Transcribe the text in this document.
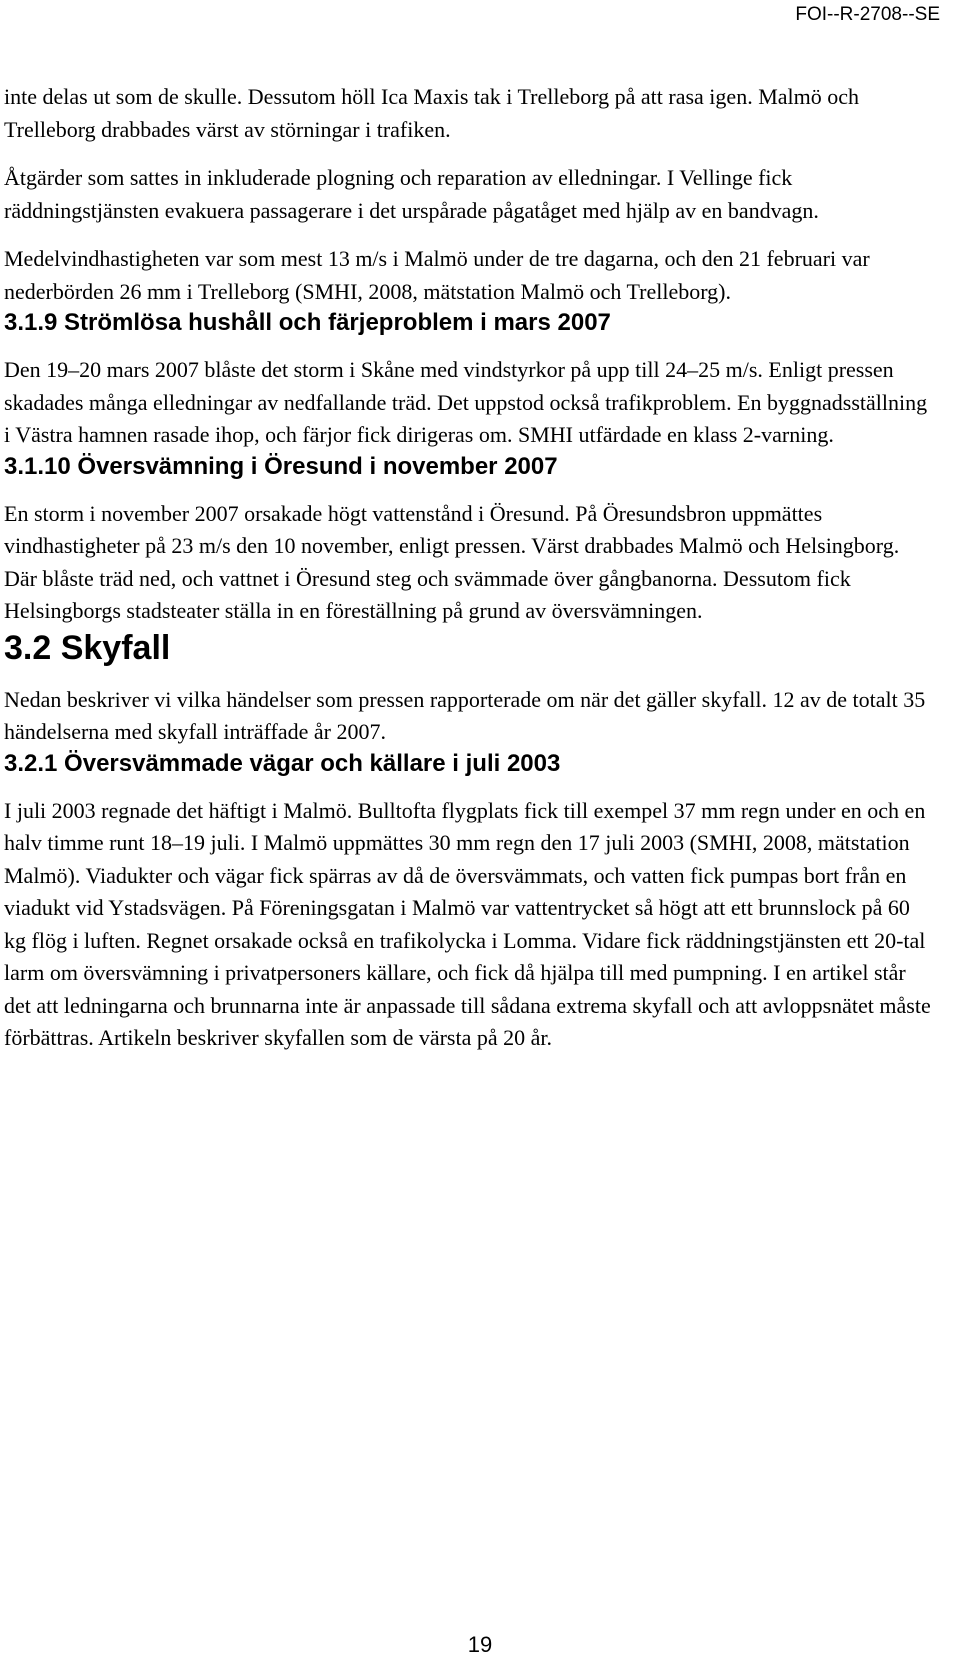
FOI--R-2708--SE

inte delas ut som de skulle. Dessutom höll Ica Maxis tak i Trelleborg på att rasa igen. Malmö och Trelleborg drabbades värst av störningar i trafiken.

Åtgärder som sattes in inkluderade plogning och reparation av elledningar. I Vellinge fick räddningstjänsten evakuera passagerare i det urspårade pågatåget med hjälp av en bandvagn.

Medelvindhastigheten var som mest 13 m/s i Malmö under de tre dagarna, och den 21 februari var nederbörden 26 mm i Trelleborg (SMHI, 2008, mätstation Malmö och Trelleborg).

3.1.9 Strömlösa hushåll och färjeproblem i mars 2007

Den 19–20 mars 2007 blåste det storm i Skåne med vindstyrkor på upp till 24–25 m/s. Enligt pressen skadades många elledningar av nedfallande träd. Det uppstod också trafikproblem. En byggnadsställning i Västra hamnen rasade ihop, och färjor fick dirigeras om. SMHI utfärdade en klass 2-varning.

3.1.10 Översvämning i Öresund i november 2007

En storm i november 2007 orsakade högt vattenstånd i Öresund. På Öresundsbron uppmättes vindhastigheter på 23 m/s den 10 november, enligt pressen. Värst drabbades Malmö och Helsingborg. Där blåste träd ned, och vattnet i Öresund steg och svämmade över gångbanorna. Dessutom fick Helsingborgs stadsteater ställa in en föreställning på grund av översvämningen.

3.2 Skyfall

Nedan beskriver vi vilka händelser som pressen rapporterade om när det gäller skyfall. 12 av de totalt 35 händelserna med skyfall inträffade år 2007.

3.2.1 Översvämmade vägar och källare i juli 2003

I juli 2003 regnade det häftigt i Malmö. Bulltofta flygplats fick till exempel 37 mm regn under en och en halv timme runt 18–19 juli. I Malmö uppmättes 30 mm regn den 17 juli 2003 (SMHI, 2008, mätstation Malmö). Viadukter och vägar fick spärras av då de översvämmats, och vatten fick pumpas bort från en viadukt vid Ystadsvägen. På Föreningsgatan i Malmö var vattentrycket så högt att ett brunnslock på 60 kg flög i luften. Regnet orsakade också en trafikolycka i Lomma. Vidare fick räddningstjänsten ett 20-tal larm om översvämning i privatpersoners källare, och fick då hjälpa till med pumpning. I en artikel står det att ledningarna och brunnarna inte är anpassade till sådana extrema skyfall och att avloppsnätet måste förbättras. Artikeln beskriver skyfallen som de värsta på 20 år.

19
